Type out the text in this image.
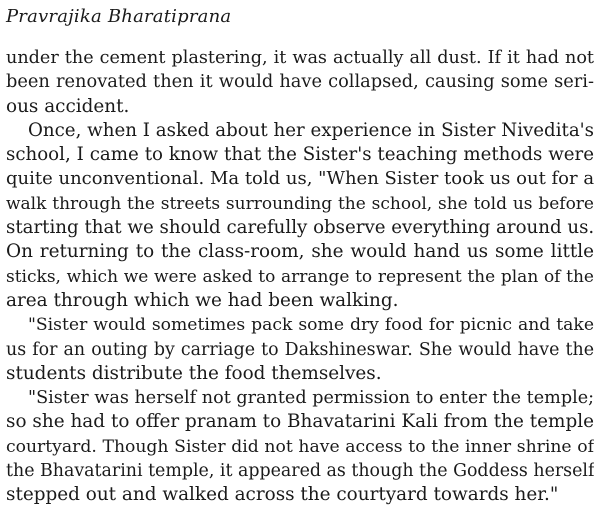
Pravrajika Bharatiprana
under the cement plastering, it was actually all dust. If it had not
been renovated then it would have collapsed, causing some seri-
ous accident.
Once, when I asked about her experience in Sister Nivedita's
school, I came to know that the Sister's teaching methods were
quite unconventional. Ma told us, "When Sister took us out for a
walk through the streets surrounding the school, she told us before
starting that we should carefully observe everything around us.
On returning to the class-room, she would hand us some little
sticks, which we were asked to arrange to represent the plan of the
area through which we had been walking.
"Sister would sometimes pack some dry food for picnic and take
us for an outing by carriage to Dakshineswar. She would have the
students distribute the food themselves.
"Sister was herself not granted permission to enter the temple;
so she had to offer pranam to Bhavatarini Kali from the temple
courtyard. Though Sister did not have access to the inner shrine of
the Bhavatarini temple, it appeared as though the Goddess herself
stepped out and walked across the courtyard towards her."
